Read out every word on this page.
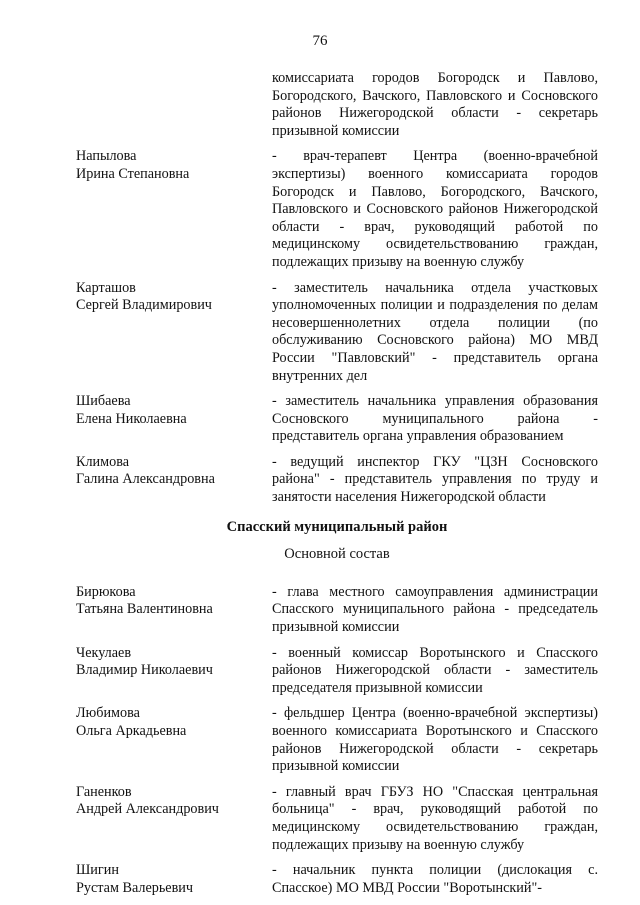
76
комиссариата городов Богородск и Павлово, Богородского, Вачского, Павловского и Сосновского районов Нижегородской области - секретарь призывной комиссии
Напылова
Ирина Степановна
- врач-терапевт Центра (военно-врачебной экспертизы) военного комиссариата городов Богородск и Павлово, Богородского, Вачского, Павловского и Сосновского районов Нижегородской области - врач, руководящий работой по медицинскому освидетельствованию граждан, подлежащих призыву на военную службу
Карташов
Сергей Владимирович
- заместитель начальника отдела участковых уполномоченных полиции и подразделения по делам несовершеннолетних отдела полиции (по обслуживанию Сосновского района) МО МВД России "Павловский" - представитель органа внутренних дел
Шибаева
Елена Николаевна
- заместитель начальника управления образования Сосновского муниципального района - представитель органа управления образованием
Климова
Галина Александровна
- ведущий инспектор ГКУ "ЦЗН Сосновского района" - представитель управления по труду и занятости населения Нижегородской области
Спасский муниципальный район
Основной состав
Бирюкова
Татьяна Валентиновна
- глава местного самоуправления администрации Спасского муниципального района - председатель призывной комиссии
Чекулаев
Владимир Николаевич
- военный комиссар Воротынского и Спасского районов Нижегородской области - заместитель председателя призывной комиссии
Любимова
Ольга Аркадьевна
- фельдшер Центра (военно-врачебной экспертизы) военного комиссариата Воротынского и Спасского районов Нижегородской области - секретарь призывной комиссии
Ганенков
Андрей Александрович
- главный врач ГБУЗ НО "Спасская центральная больница" - врач, руководящий работой по медицинскому освидетельствованию граждан, подлежащих призыву на военную службу
Шигин
Рустам Валерьевич
- начальник пункта полиции (дислокация с. Спасское) МО МВД России "Воротынский"-
